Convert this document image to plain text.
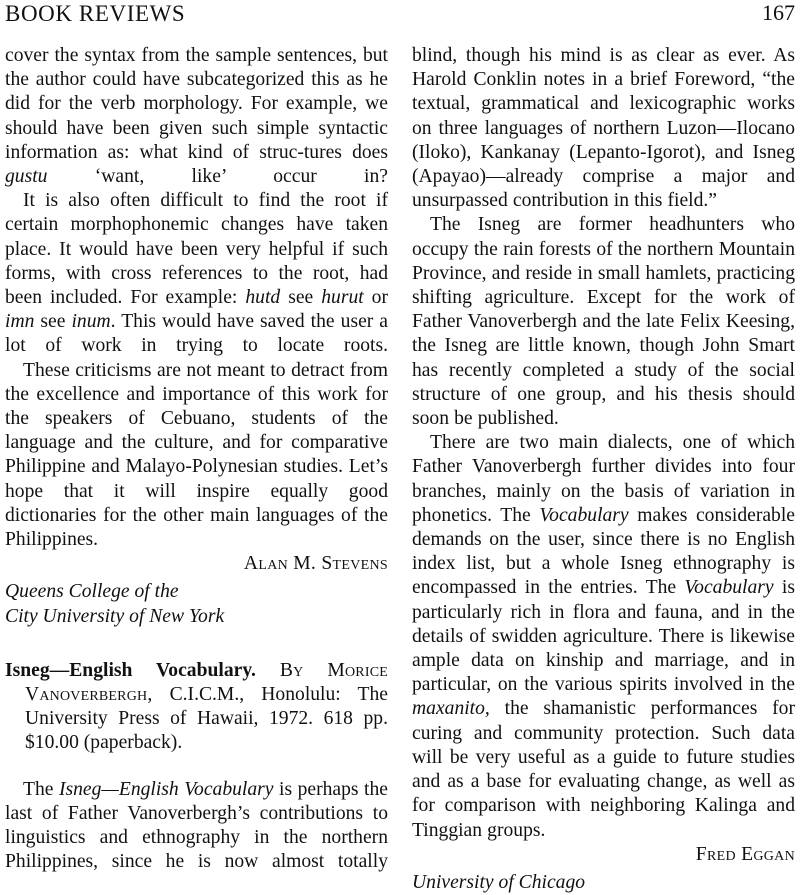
BOOK REVIEWS	167

cover the syntax from the sample sentences, but the author could have subcategorized this as he did for the verb morphology. For example, we should have been given such simple syntactic information as: what kind of struc-tures does gustu ‘want, like’ occur in?

It is also often difficult to find the root if certain morphophonemic changes have taken place. It would have been very helpful if such forms, with cross references to the root, had been included. For example: hutd see hurut or imn see inum. This would have saved the user a lot of work in trying to locate roots.

These criticisms are not meant to detract from the excellence and importance of this work for the speakers of Cebuano, students of the language and the culture, and for comparative Philippine and Malayo-Polynesian studies. Let’s hope that it will inspire equally good dictionaries for the other main languages of the Philippines.

Alan M. Stevens

Queens College of the
City University of New York

Isneg—English Vocabulary. By Morice Vanoverbergh, C.I.C.M., Honolulu: The University Press of Hawaii, 1972. 618 pp. $10.00 (paperback).

The Isneg—English Vocabulary is perhaps the last of Father Vanoverbergh’s contributions to linguistics and ethnography in the northern Philippines, since he is now almost totally

blind, though his mind is as clear as ever. As Harold Conklin notes in a brief Foreword, “the textual, grammatical and lexicographic works on three languages of northern Luzon—Ilocano (Iloko), Kankanay (Lepanto-Igorot), and Isneg (Apayao)—already comprise a major and unsurpassed contribution in this field.”

The Isneg are former headhunters who occupy the rain forests of the northern Mountain Province, and reside in small hamlets, practicing shifting agriculture. Except for the work of Father Vanoverbergh and the late Felix Keesing, the Isneg are little known, though John Smart has recently completed a study of the social structure of one group, and his thesis should soon be published.

There are two main dialects, one of which Father Vanoverbergh further divides into four branches, mainly on the basis of variation in phonetics. The Vocabulary makes considerable demands on the user, since there is no English index list, but a whole Isneg ethnography is encompassed in the entries. The Vocabulary is particularly rich in flora and fauna, and in the details of swidden agriculture. There is likewise ample data on kinship and marriage, and in particular, on the various spirits involved in the maxanito, the shamanistic performances for curing and community protection. Such data will be very useful as a guide to future studies and as a base for evaluating change, as well as for comparison with neighboring Kalinga and Tinggian groups.

Fred Eggan

University of Chicago
